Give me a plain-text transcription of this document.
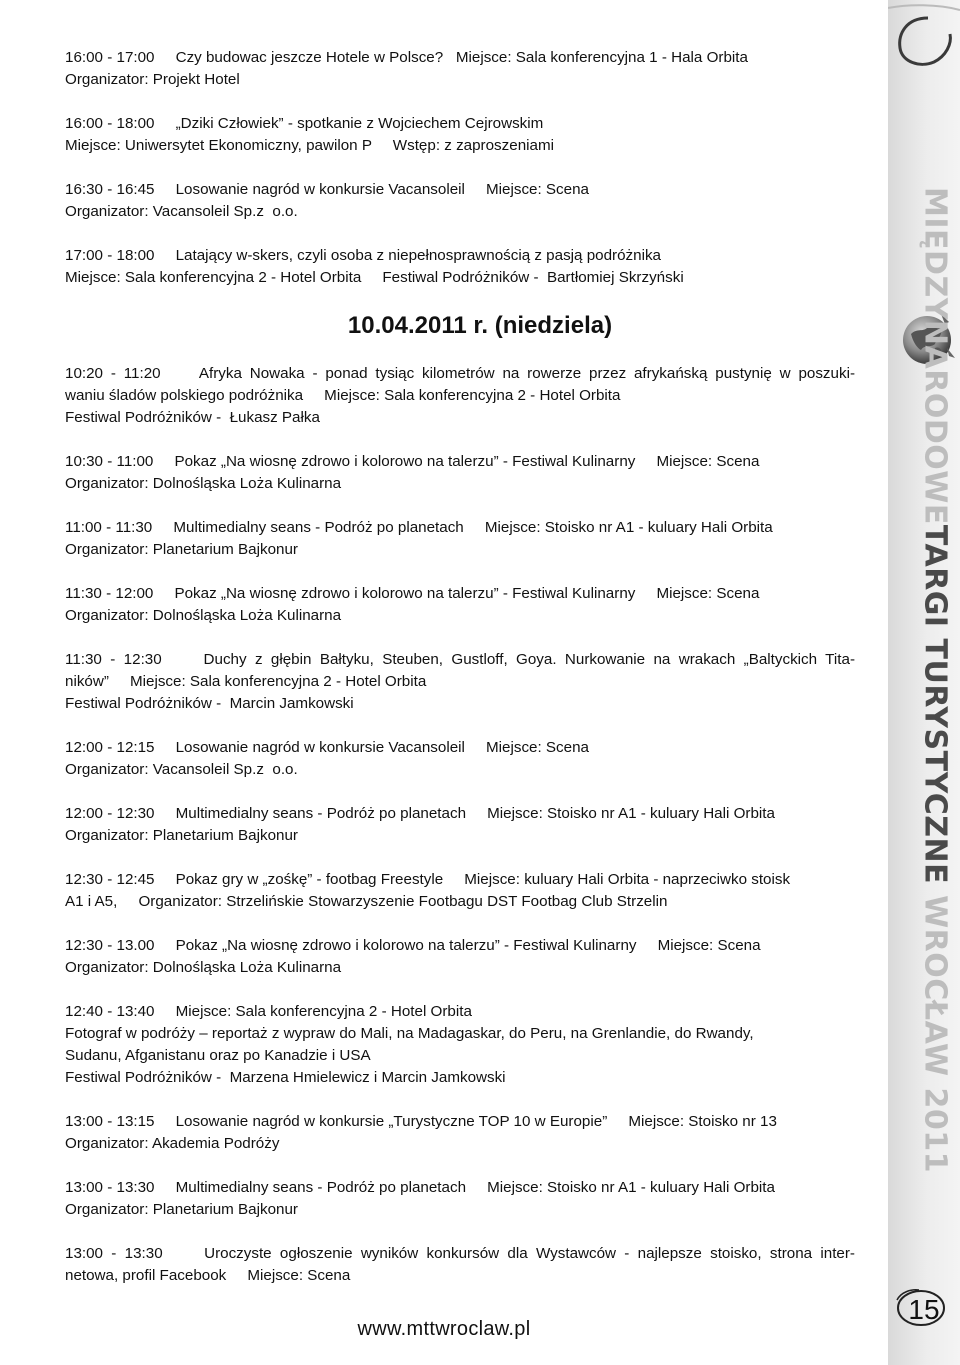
MIĘDZYNARODOWETARGI TURYSTYCZNE WROCŁAW 2011
15
16:00 - 17:00     Czy budowac jeszcze Hotele w Polsce?   Miejsce: Sala konferencyjna 1 - Hala Orbita
Organizator: Projekt Hotel
16:00 - 18:00     „Dziki Człowiek” - spotkanie z Wojciechem Cejrowskim
Miejsce: Uniwersytet Ekonomiczny, pawilon P     Wstęp: z zaproszeniami
16:30 - 16:45     Losowanie nagród w konkursie Vacansoleil     Miejsce: Scena
Organizator: Vacansoleil Sp.z  o.o.
17:00 - 18:00     Latający w-skers, czyli osoba z niepełnosprawnością z pasją podróżnika
Miejsce: Sala konferencyjna 2 - Hotel Orbita     Festiwal Podróżników -  Bartłomiej Skrzyński
10.04.2011 r. (niedziela)
10:20 - 11:20     Afryka Nowaka - ponad tysiąc kilometrów na rowerze przez afrykańską pustynię w poszuki-
waniu śladów polskiego podróżnika     Miejsce: Sala konferencyjna 2 - Hotel Orbita
Festiwal Podróżników -  Łukasz Pałka
10:30 - 11:00     Pokaz „Na wiosnę zdrowo i kolorowo na talerzu” - Festiwal Kulinarny     Miejsce: Scena
Organizator: Dolnośląska Loża Kulinarna
11:00 - 11:30     Multimedialny seans - Podróż po planetach     Miejsce: Stoisko nr A1 - kuluary Hali Orbita
Organizator: Planetarium Bajkonur
11:30 - 12:00     Pokaz „Na wiosnę zdrowo i kolorowo na talerzu” - Festiwal Kulinarny     Miejsce: Scena
Organizator: Dolnośląska Loża Kulinarna
11:30 - 12:30     Duchy z głębin Bałtyku, Steuben, Gustloff, Goya. Nurkowanie na wrakach „Baltyckich Tita-
ników”     Miejsce: Sala konferencyjna 2 - Hotel Orbita
Festiwal Podróżników -  Marcin Jamkowski
12:00 - 12:15     Losowanie nagród w konkursie Vacansoleil     Miejsce: Scena
Organizator: Vacansoleil Sp.z  o.o.
12:00 - 12:30     Multimedialny seans - Podróż po planetach     Miejsce: Stoisko nr A1 - kuluary Hali Orbita
Organizator: Planetarium Bajkonur
12:30 - 12:45     Pokaz gry w „zośkę” - footbag Freestyle     Miejsce: kuluary Hali Orbita - naprzeciwko stoisk
A1 i A5,     Organizator: Strzelińskie Stowarzyszenie Footbagu DST Footbag Club Strzelin
12:30 - 13.00     Pokaz „Na wiosnę zdrowo i kolorowo na talerzu” - Festiwal Kulinarny     Miejsce: Scena
Organizator: Dolnośląska Loża Kulinarna
12:40 - 13:40     Miejsce: Sala konferencyjna 2 - Hotel Orbita
Fotograf w podróży – reportaż z wypraw do Mali, na Madagaskar, do Peru, na Grenlandie, do Rwandy,
Sudanu, Afganistanu oraz po Kanadzie i USA
Festiwal Podróżników -  Marzena Hmielewicz i Marcin Jamkowski
13:00 - 13:15     Losowanie nagród w konkursie „Turystyczne TOP 10 w Europie”     Miejsce: Stoisko nr 13
Organizator: Akademia Podróży
13:00 - 13:30     Multimedialny seans - Podróż po planetach     Miejsce: Stoisko nr A1 - kuluary Hali Orbita
Organizator: Planetarium Bajkonur
13:00 - 13:30     Uroczyste ogłoszenie wyników konkursów dla Wystawców - najlepsze stoisko, strona inter-
netowa, profil Facebook     Miejsce: Scena
www.mttwroclaw.pl
